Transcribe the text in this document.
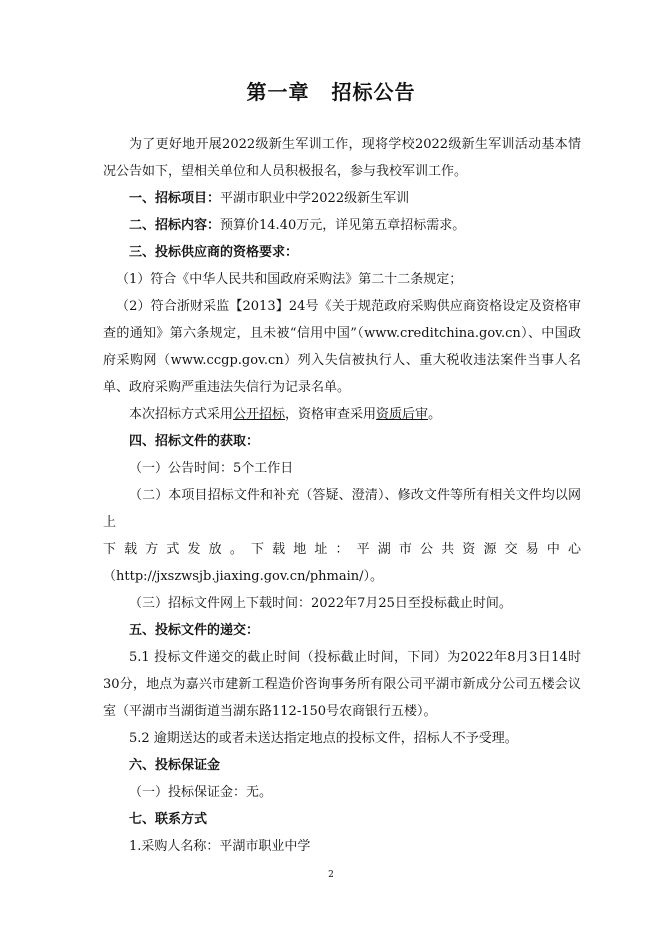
第一章 招标公告

为了更好地开展2022级新生军训工作，现将学校2022级新生军训活动基本情况公告如下，望相关单位和人员积极报名，参与我校军训工作。

一、招标项目：平湖市职业中学2022级新生军训

二、招标内容：预算价14.40万元，详见第五章招标需求。

三、投标供应商的资格要求：

（1）符合《中华人民共和国政府采购法》第二十二条规定；

（2）符合浙财采监【2013】24号《关于规范政府采购供应商资格设定及资格审查的通知》第六条规定，且未被“信用中国”（www.creditchina.gov.cn）、中国政府采购网（www.ccgp.gov.cn）列入失信被执行人、重大税收违法案件当事人名单、政府采购严重违法失信行为记录名单。

本次招标方式采用公开招标，资格审查采用资质后审。

四、招标文件的获取：

（一）公告时间：5个工作日

（二）本项目招标文件和补充（答疑、澄清）、修改文件等所有相关文件均以网上

下载方式发放。下载地址：平湖市公共资源交易中心

（http://jxszwsjb.jiaxing.gov.cn/phmain/）。

（三）招标文件网上下载时间：2022年7月25日至投标截止时间。

五、投标文件的递交：

5.1 投标文件递交的截止时间（投标截止时间，下同）为2022年8月3日14时30分，地点为嘉兴市建新工程造价咨询事务所有限公司平湖市新成分公司五楼会议室（平湖市当湖街道当湖东路112-150号农商银行五楼）。

5.2 逾期送达的或者未送达指定地点的投标文件，招标人不予受理。

六、投标保证金

（一）投标保证金：无。

七、联系方式

1.采购人名称：平湖市职业中学

2
